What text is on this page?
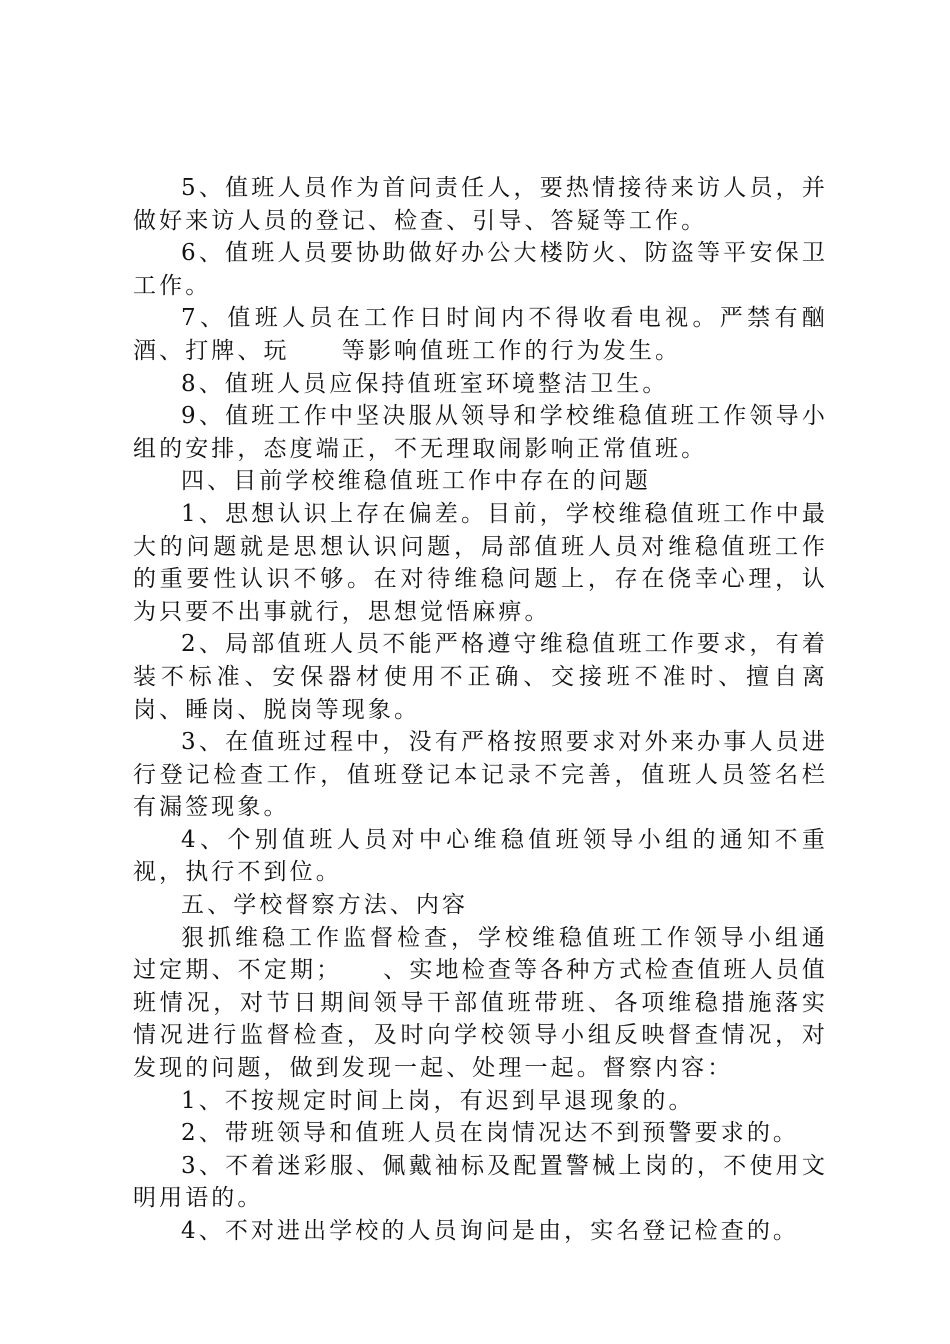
5、值班人员作为首问责任人，要热情接待来访人员，并做好来访人员的登记、检查、引导、答疑等工作。

6、值班人员要协助做好办公大楼防火、防盗等平安保卫工作。

7、值班人员在工作日时间内不得收看电视。严禁有酗酒、打牌、玩　　等影响值班工作的行为发生。

8、值班人员应保持值班室环境整洁卫生。

9、值班工作中坚决服从领导和学校维稳值班工作领导小组的安排，态度端正，不无理取闹影响正常值班。

四、目前学校维稳值班工作中存在的问题

1、思想认识上存在偏差。目前，学校维稳值班工作中最大的问题就是思想认识问题，局部值班人员对维稳值班工作的重要性认识不够。在对待维稳问题上，存在侥幸心理，认为只要不出事就行，思想觉悟麻痹。

2、局部值班人员不能严格遵守维稳值班工作要求，有着装不标准、安保器材使用不正确、交接班不准时、擅自离岗、睡岗、脱岗等现象。

3、在值班过程中，没有严格按照要求对外来办事人员进行登记检查工作，值班登记本记录不完善，值班人员签名栏有漏签现象。

4、个别值班人员对中心维稳值班领导小组的通知不重视，执行不到位。

五、学校督察方法、内容

狠抓维稳工作监督检查，学校维稳值班工作领导小组通过定期、不定期；　　、实地检查等各种方式检查值班人员值班情况，对节日期间领导干部值班带班、各项维稳措施落实情况进行监督检查，及时向学校领导小组反映督查情况，对发现的问题，做到发现一起、处理一起。督察内容：

1、不按规定时间上岗，有迟到早退现象的。

2、带班领导和值班人员在岗情况达不到预警要求的。

3、不着迷彩服、佩戴袖标及配置警械上岗的，不使用文明用语的。

4、不对进出学校的人员询问是由，实名登记检查的。
